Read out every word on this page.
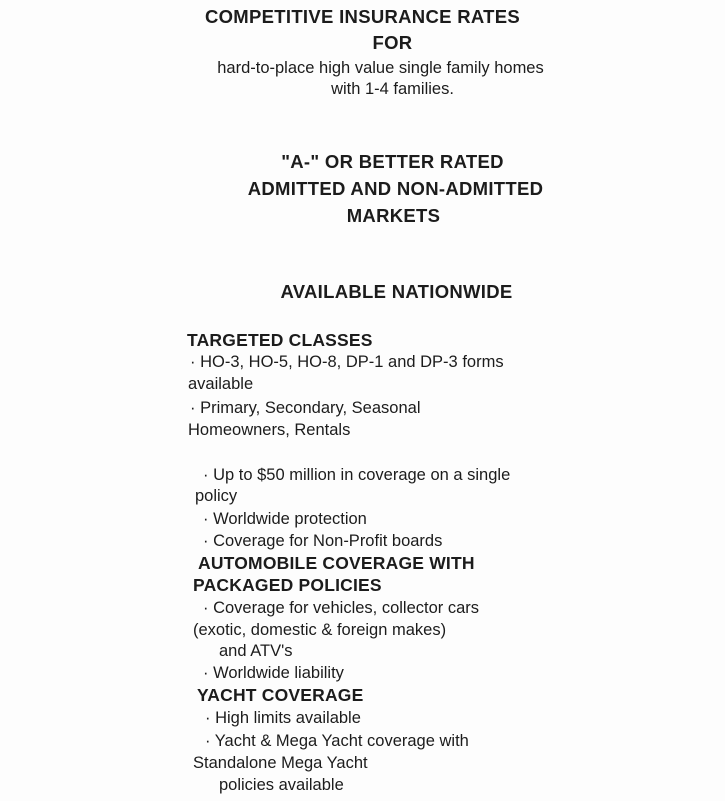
COMPETITIVE INSURANCE RATES
FOR
hard-to-place high value single family homes
with 1-4 families.
"A-" OR BETTER RATED
ADMITTED AND NON-ADMITTED
MARKETS
AVAILABLE NATIONWIDE
TARGETED CLASSES
· HO-3, HO-5, HO-8, DP-1 and DP-3 forms
available
· Primary, Secondary, Seasonal
Homeowners, Rentals
· Up to $50 million in coverage on a single
policy
· Worldwide protection
· Coverage for Non-Profit boards
AUTOMOBILE COVERAGE WITH
PACKAGED POLICIES
· Coverage for vehicles, collector cars
(exotic, domestic & foreign makes)
and ATV's
· Worldwide liability
YACHT COVERAGE
· High limits available
· Yacht & Mega Yacht coverage with
Standalone Mega Yacht
policies available
